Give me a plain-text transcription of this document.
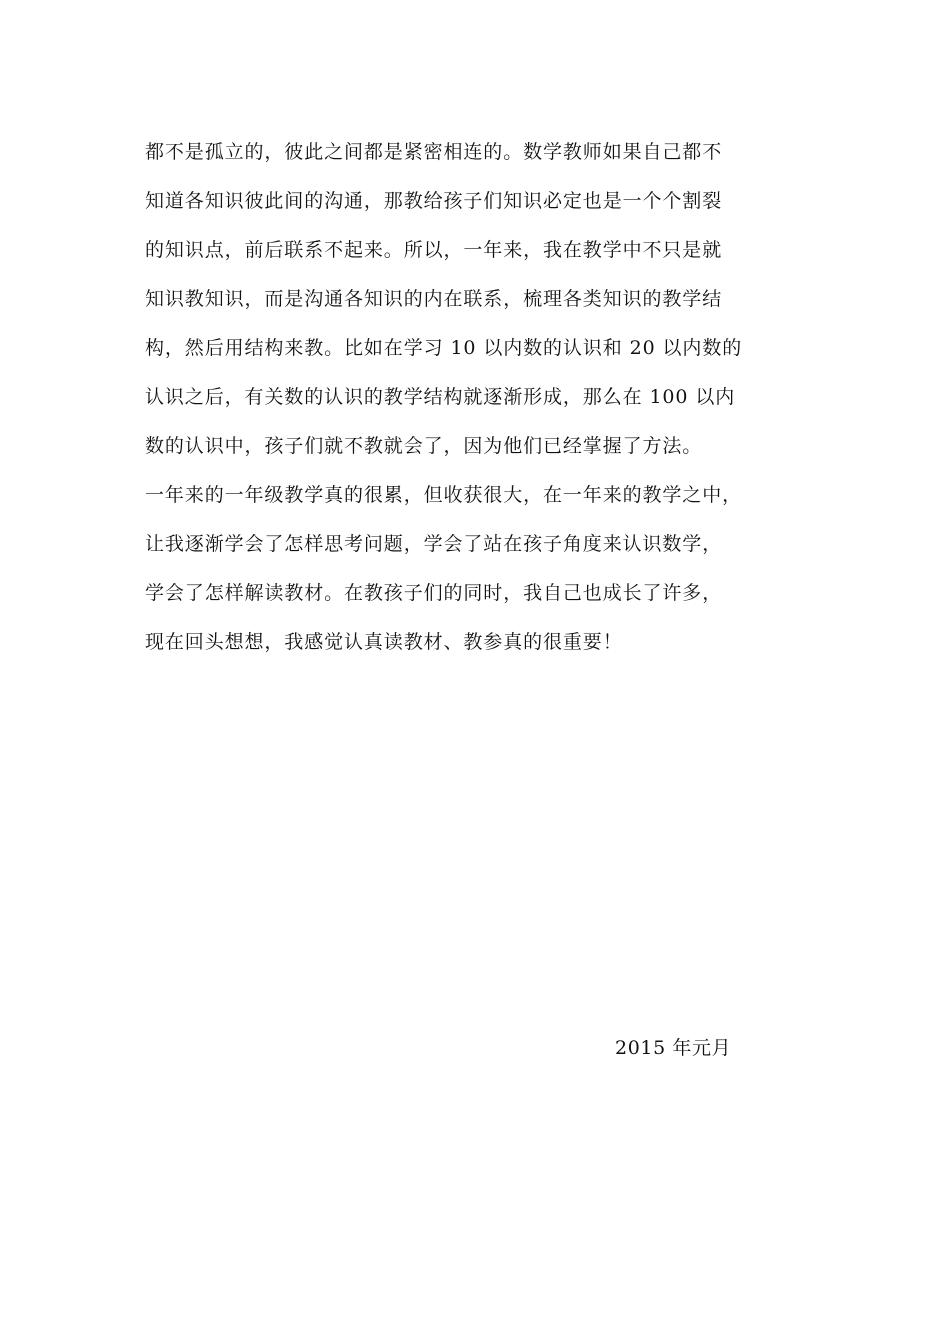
都不是孤立的，彼此之间都是紧密相连的。数学教师如果自己都不
知道各知识彼此间的沟通，那教给孩子们知识必定也是一个个割裂
的知识点，前后联系不起来。所以，一年来，我在教学中不只是就
知识教知识，而是沟通各知识的内在联系，梳理各类知识的教学结
构，然后用结构来教。比如在学习 10 以内数的认识和 20 以内数的
认识之后，有关数的认识的教学结构就逐渐形成，那么在 100 以内
数的认识中，孩子们就不教就会了，因为他们已经掌握了方法。
一年来的一年级教学真的很累，但收获很大，在一年来的教学之中，
让我逐渐学会了怎样思考问题，学会了站在孩子角度来认识数学，
学会了怎样解读教材。在教孩子们的同时，我自己也成长了许多，
现在回头想想，我感觉认真读教材、教参真的很重要！
2015 年元月
